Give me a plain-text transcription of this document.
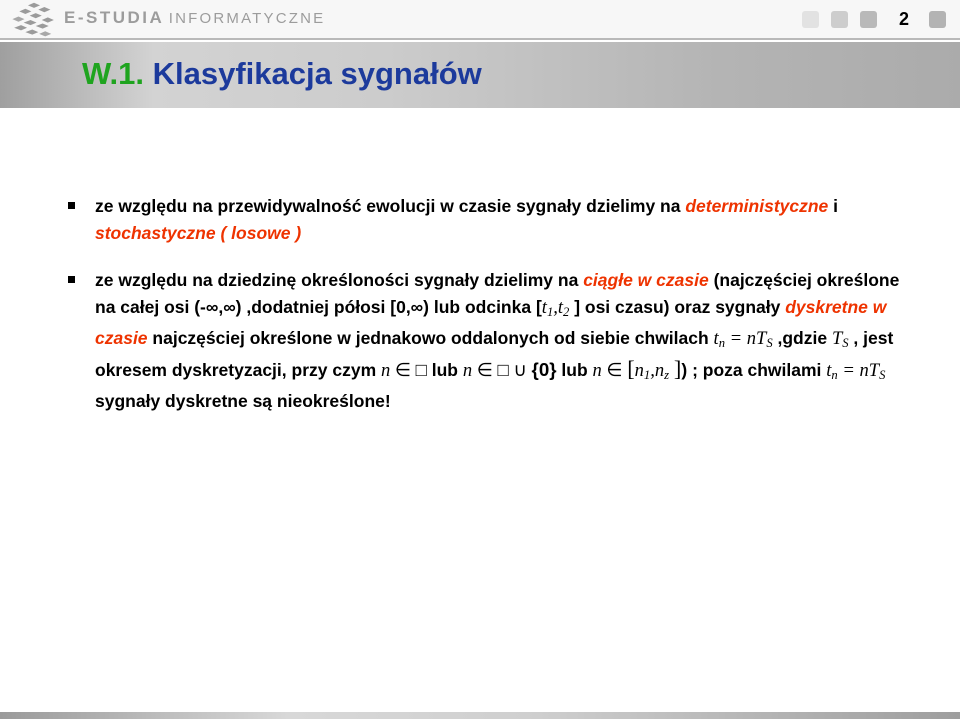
E-STUDIA INFORMATYCZNE	2
W.1. Klasyfikacja sygnałów
ze względu na przewidywalność ewolucji w czasie sygnały dzielimy na deterministyczne i
stochastyczne ( losowe )
ze względu na dziedzinę określoności sygnały dzielimy na ciągłe w czasie (najczęściej określone
na całej osi (-∞,∞) ,dodatniej półosi [0,∞) lub odcinka [t1,t2 ] osi czasu) oraz sygnały dyskretne w
czasie najczęściej określone w jednakowo oddalonych od siebie chwilach tn = nTS ,gdzie TS , jest
okresem dyskretyzacji, przy czym n ∈ □ lub n ∈ □ ∪ {0} lub n ∈ [n1,nz ]) ; poza chwilami tn = nTS
sygnały dyskretne są nieokreślone!
